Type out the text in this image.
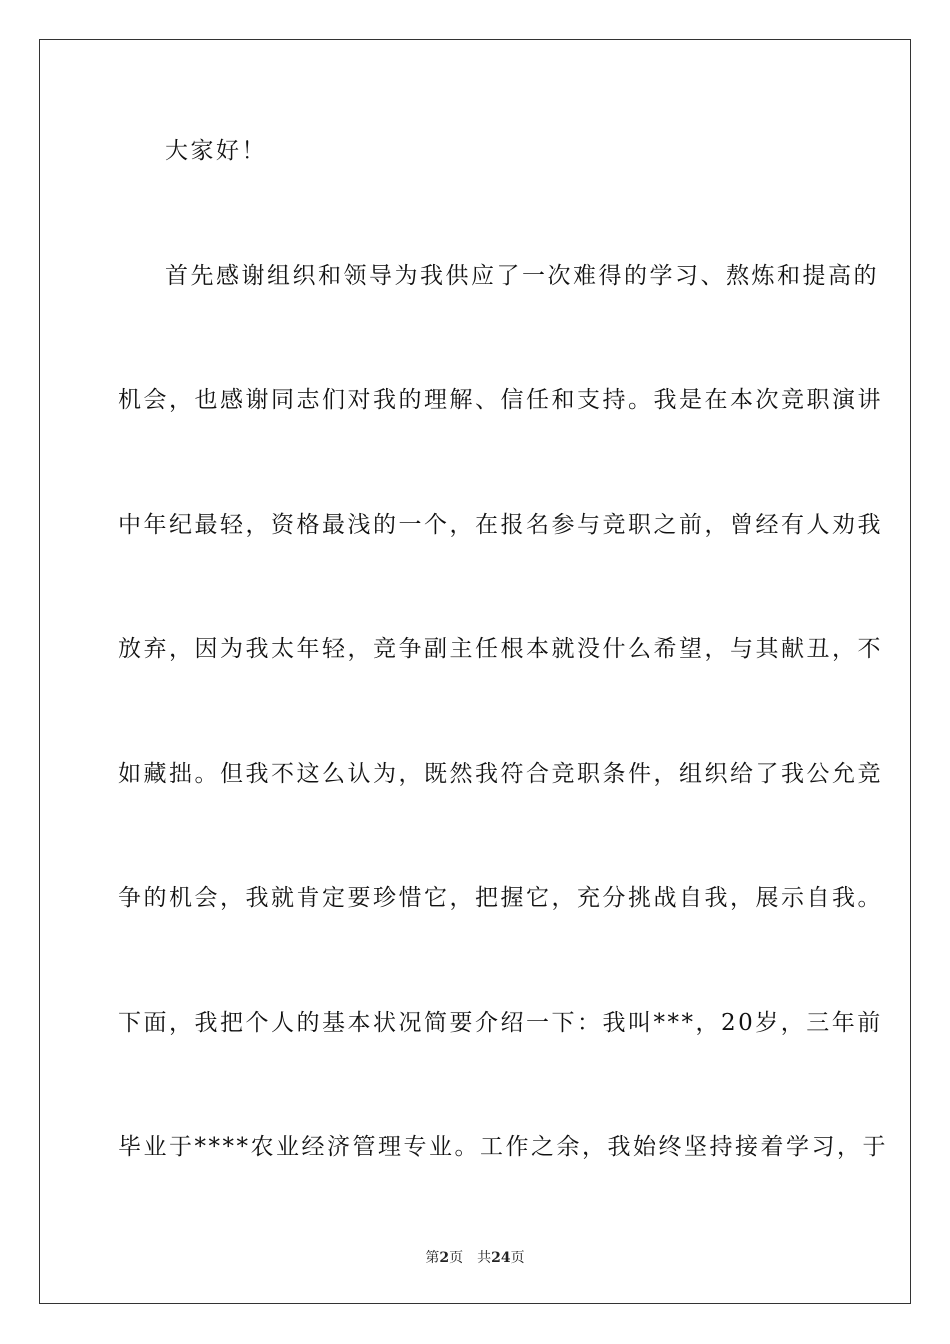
大家好！
首先感谢组织和领导为我供应了一次难得的学习、熬炼和提高的
机会，也感谢同志们对我的理解、信任和支持。我是在本次竞职演讲
中年纪最轻，资格最浅的一个，在报名参与竞职之前，曾经有人劝我
放弃，因为我太年轻，竞争副主任根本就没什么希望，与其献丑，不
如藏拙。但我不这么认为，既然我符合竞职条件，组织给了我公允竞
争的机会，我就肯定要珍惜它，把握它，充分挑战自我，展示自我。
下面，我把个人的基本状况简要介绍一下：我叫***，20岁，三年前
毕业于****农业经济管理专业。工作之余，我始终坚持接着学习，于
第2页 共24页
